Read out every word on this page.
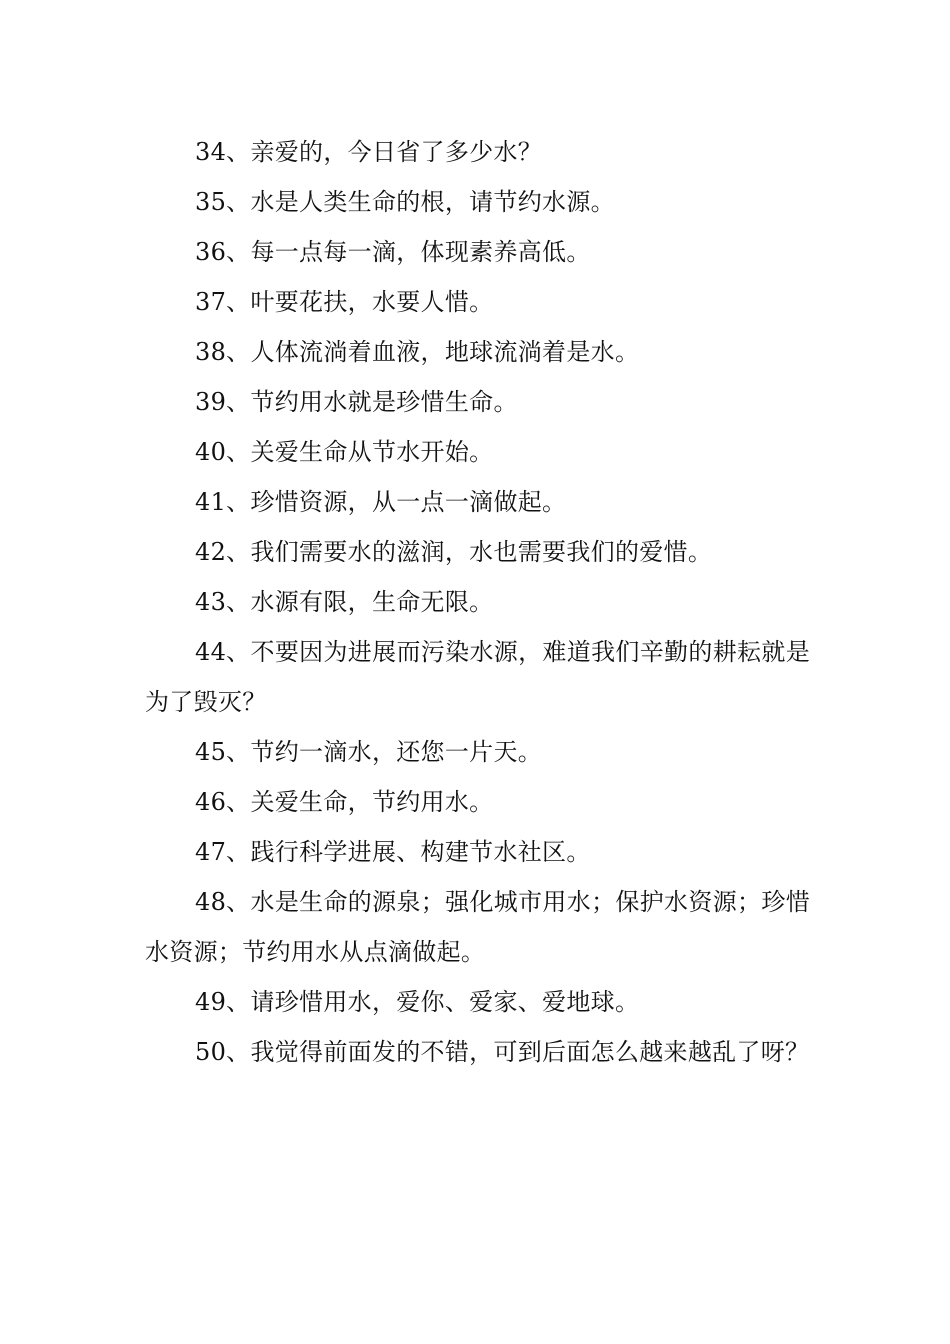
34、亲爱的，今日省了多少水？

35、水是人类生命的根，请节约水源。

36、每一点每一滴，体现素养高低。

37、叶要花扶，水要人惜。

38、人体流淌着血液，地球流淌着是水。

39、节约用水就是珍惜生命。

40、关爱生命从节水开始。

41、珍惜资源，从一点一滴做起。

42、我们需要水的滋润，水也需要我们的爱惜。

43、水源有限，生命无限。

44、不要因为进展而污染水源，难道我们辛勤的耕耘就是为了毁灭？

45、节约一滴水，还您一片天。

46、关爱生命，节约用水。

47、践行科学进展、构建节水社区。

48、水是生命的源泉；强化城市用水；保护水资源；珍惜水资源；节约用水从点滴做起。

49、请珍惜用水，爱你、爱家、爱地球。

50、我觉得前面发的不错，可到后面怎么越来越乱了呀？
